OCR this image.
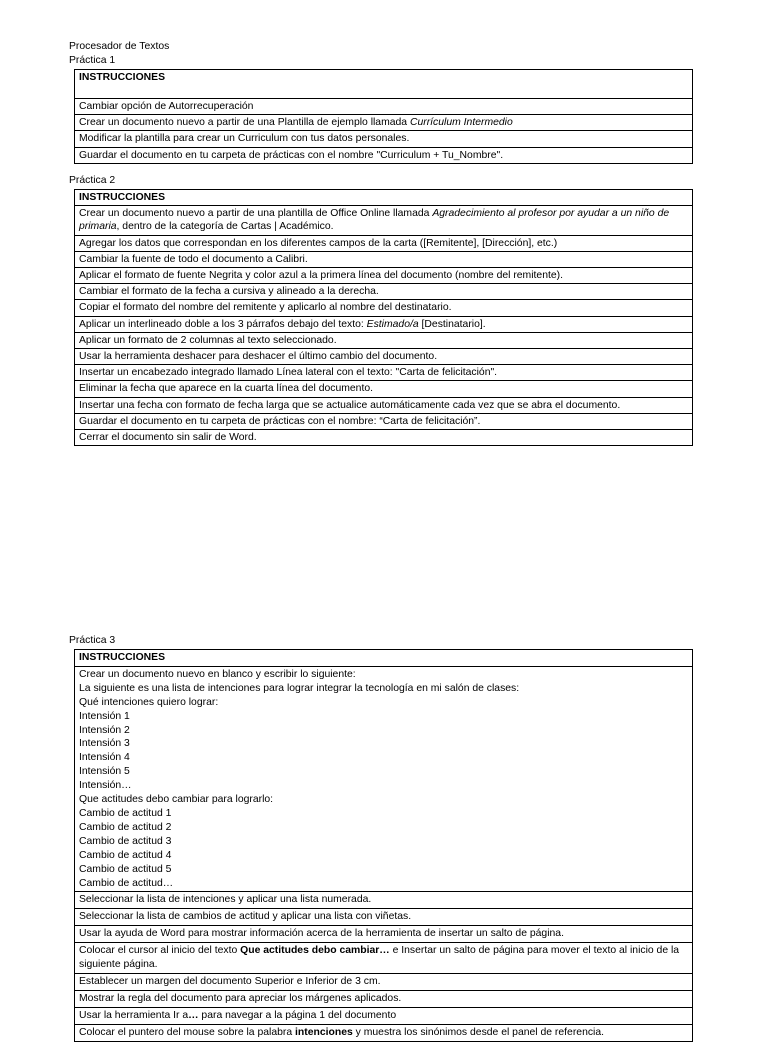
Procesador de Textos
Práctica 1
INSTRUCCIONES
Cambiar opción de Autorrecuperación
Crear un documento nuevo a partir de una Plantilla de ejemplo llamada Currículum Intermedio
Modificar la plantilla para crear un Curriculum con tus datos personales.
Guardar el documento en tu carpeta de prácticas con el nombre "Curriculum + Tu_Nombre".
Práctica 2
INSTRUCCIONES
Crear un documento nuevo a partir de una plantilla de Office Online llamada Agradecimiento al profesor por ayudar a un niño de primaria, dentro de la categoría de Cartas | Académico.
Agregar los datos que correspondan en los diferentes campos de la carta ([Remitente], [Dirección], etc.)
Cambiar la fuente de todo el documento a Calibri.
Aplicar el formato de fuente Negrita y color azul a la primera línea del documento (nombre del remitente).
Cambiar el formato de la fecha a cursiva y alineado a la derecha.
Copiar el formato del nombre del remitente y aplicarlo al nombre del destinatario.
Aplicar un interlineado doble a los 3 párrafos debajo del texto: Estimado/a [Destinatario].
Aplicar un formato de 2 columnas al texto seleccionado.
Usar la herramienta deshacer para deshacer el último cambio del documento.
Insertar un encabezado integrado llamado Línea lateral con el texto: "Carta de felicitación".
Eliminar la fecha que aparece en la cuarta línea del documento.
Insertar una fecha con formato de fecha larga que se actualice automáticamente cada vez que se abra el documento.
Guardar el documento en tu carpeta de prácticas con el nombre: “Carta de felicitación”.
Cerrar el documento sin salir de Word.
Práctica 3
INSTRUCCIONES

Crear un documento nuevo en blanco y escribir lo siguiente:
La siguiente es una lista de intenciones para lograr integrar la tecnología en mi salón de clases:
Qué intenciones quiero lograr:
Intensión 1
Intensión 2
Intensión 3
Intensión 4
Intensión 5
Intensión…
Que actitudes debo cambiar para lograrlo:
Cambio de actitud 1
Cambio de actitud 2
Cambio de actitud 3
Cambio de actitud 4
Cambio de actitud 5
Cambio de actitud…

Seleccionar la lista de intenciones y aplicar una lista numerada.
Seleccionar la lista de cambios de actitud y aplicar una lista con viñetas.
Usar la ayuda de Word para mostrar información acerca de la herramienta de insertar un salto de página.
Colocar el cursor al inicio del texto Que actitudes debo cambiar… e Insertar un salto de página para mover el texto al inicio de la siguiente página.
Establecer un margen del documento Superior e Inferior de 3 cm.
Mostrar la regla del documento para apreciar los márgenes aplicados.
Usar la herramienta Ir a… para navegar a la página 1 del documento
Colocar el puntero del mouse sobre la palabra intenciones y muestra los sinónimos desde el panel de referencia.
